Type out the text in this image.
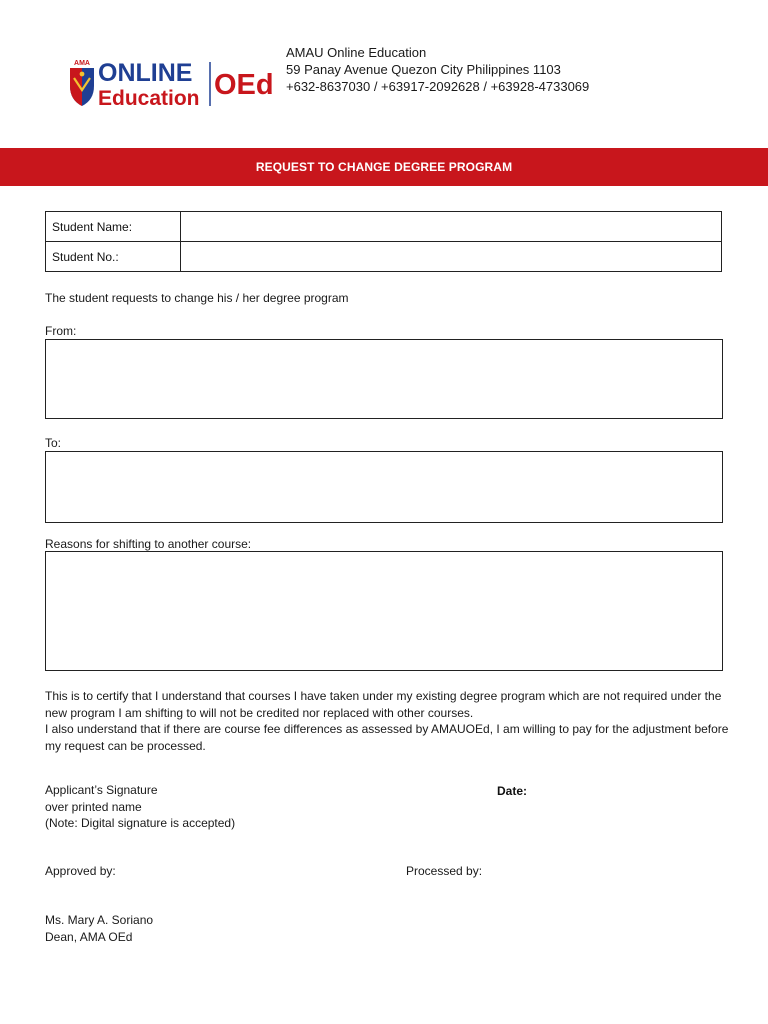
AMA ONLINE
Education OEd
AMAU Online Education
59 Panay Avenue Quezon City Philippines 1103
+632-8637030 / +63917-2092628 / +63928-4733069
REQUEST TO CHANGE DEGREE PROGRAM
Student Name:	
Student No.:	
The student requests to change his / her degree program
From:
To:
Reasons for shifting to another course:

This is to certify that I understand that courses I have taken under my existing degree program which are not required under the new program I am shifting to will not be credited nor replaced with other courses.

I also understand that if there are course fee differences as assessed by AMAUOEd, I am willing to pay for the adjustment before my request can be processed.

Applicant’s Signature
over printed name
(Note: Digital signature is accepted)
Date:
Approved by:	Processed by:
Ms. Mary A. Soriano
Dean, AMA OEd
